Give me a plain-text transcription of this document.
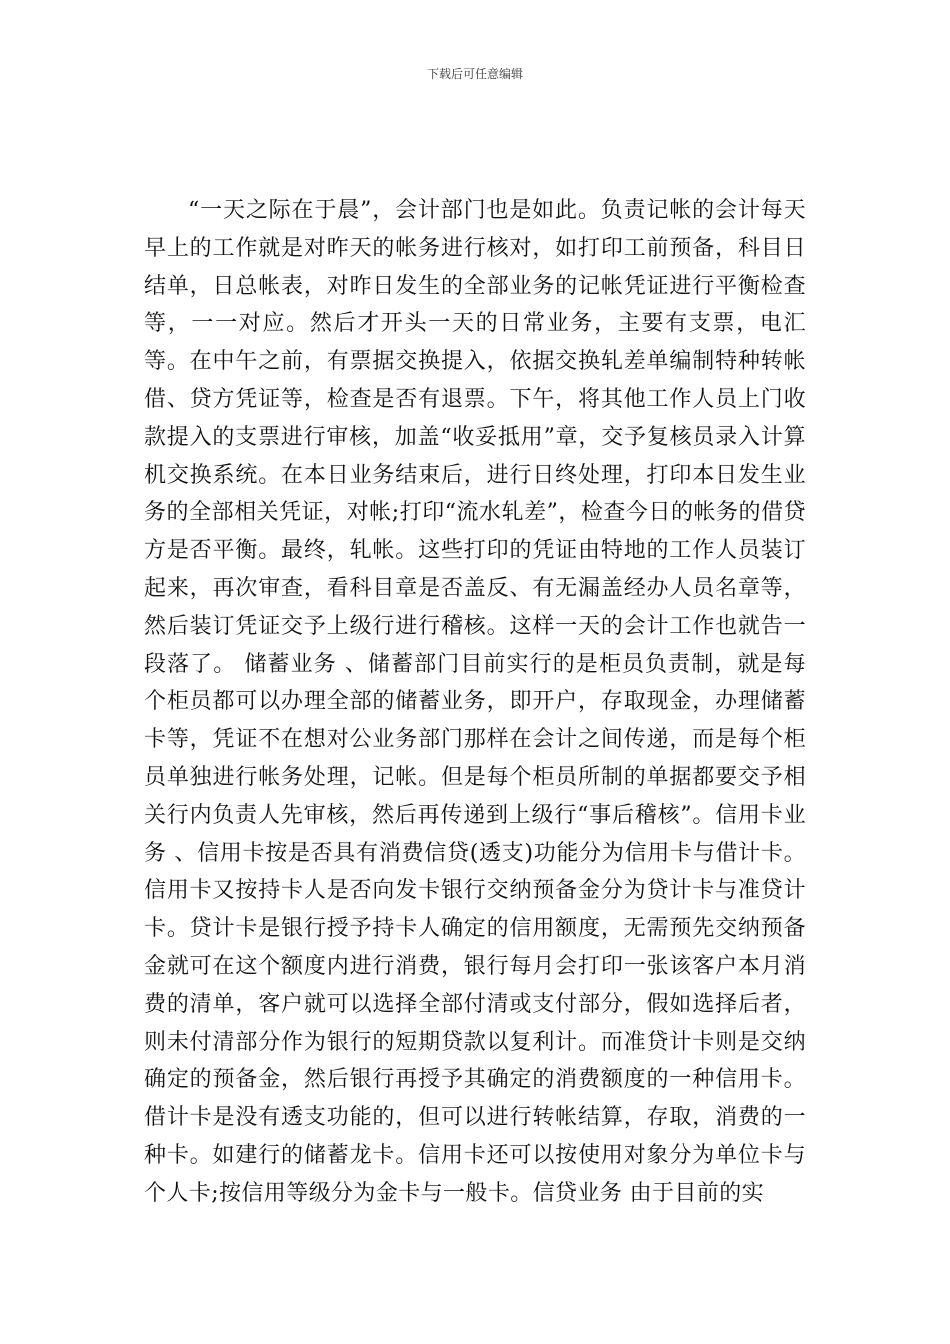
下载后可任意编辑

“一天之际在于晨”，会计部门也是如此。负责记帐的会计每天早上的工作就是对昨天的帐务进行核对，如打印工前预备，科目日结单，日总帐表，对昨日发生的全部业务的记帐凭证进行平衡检查等，一一对应。然后才开头一天的日常业务，主要有支票，电汇等。在中午之前，有票据交换提入，依据交换轧差单编制特种转帐借、贷方凭证等，检查是否有退票。下午，将其他工作人员上门收款提入的支票进行审核，加盖“收妥抵用”章，交予复核员录入计算机交换系统。在本日业务结束后，进行日终处理，打印本日发生业务的全部相关凭证，对帐;打印“流水轧差”，检查今日的帐务的借贷方是否平衡。最终，轧帐。这些打印的凭证由特地的工作人员装订起来，再次审查，看科目章是否盖反、有无漏盖经办人员名章等，然后装订凭证交予上级行进行稽核。这样一天的会计工作也就告一段落了。 储蓄业务 、储蓄部门目前实行的是柜员负责制，就是每个柜员都可以办理全部的储蓄业务，即开户，存取现金，办理储蓄卡等，凭证不在想对公业务部门那样在会计之间传递，而是每个柜员单独进行帐务处理，记帐。但是每个柜员所制的单据都要交予相关行内负责人先审核，然后再传递到上级行“事后稽核”。信用卡业务 、信用卡按是否具有消费信贷(透支)功能分为信用卡与借计卡。信用卡又按持卡人是否向发卡银行交纳预备金分为贷计卡与准贷计卡。贷计卡是银行授予持卡人确定的信用额度，无需预先交纳预备金就可在这个额度内进行消费，银行每月会打印一张该客户本月消费的清单，客户就可以选择全部付清或支付部分，假如选择后者，则未付清部分作为银行的短期贷款以复利计。而准贷计卡则是交纳确定的预备金，然后银行再授予其确定的消费额度的一种信用卡。借计卡是没有透支功能的，但可以进行转帐结算，存取，消费的一种卡。如建行的储蓄龙卡。信用卡还可以按使用对象分为单位卡与个人卡;按信用等级分为金卡与一般卡。信贷业务 由于目前的实
